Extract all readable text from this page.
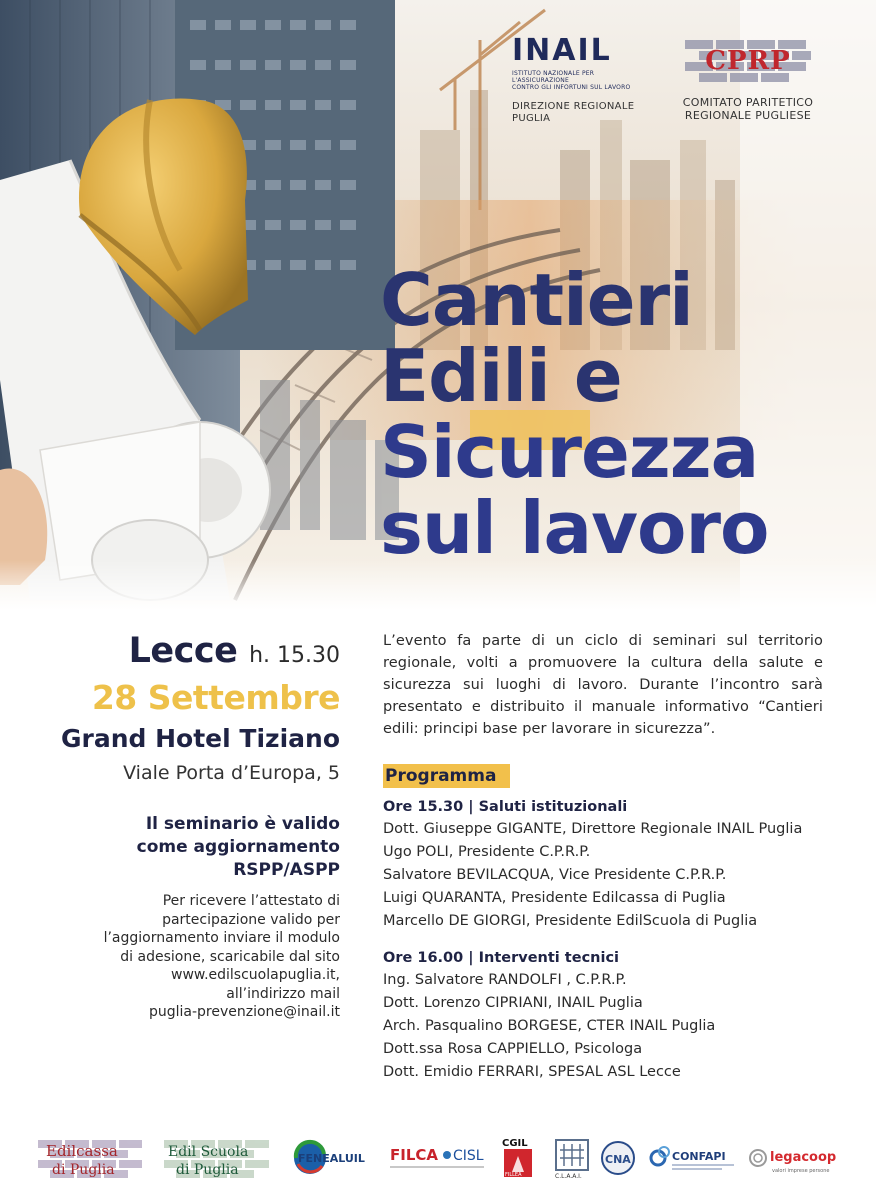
INAIL
ISTITUTO NAZIONALE PER L'ASSICURAZIONE
CONTRO GLI INFORTUNI SUL LAVORO
DIREZIONE REGIONALE
PUGLIA
CPRP
COMITATO PARITETICO
REGIONALE PUGLIESE
Cantieri
Edili e
Sicurezza
sul lavoro
Lecce h. 15.30
28 Settembre
Grand Hotel Tiziano
Viale Porta d’Europa, 5
Il seminario è valido
come aggiornamento
RSPP/ASPP
Per ricevere l’attestato di
partecipazione valido per
l’aggiornamento inviare il modulo
di adesione, scaricabile dal sito
www.edilscuolapuglia.it,
all’indirizzo mail
puglia-prevenzione@inail.it
L’evento fa parte di un ciclo di seminari sul territorio regionale, volti a promuovere la cultura della salute e sicurezza sui luoghi di lavoro. Durante l’incontro sarà presentato e distribuito il manuale informativo “Cantieri edili: principi base per lavorare in sicurezza”.
Programma
Ore 15.30 | Saluti istituzionali
Dott. Giuseppe GIGANTE, Direttore Regionale INAIL Puglia
Ugo POLI, Presidente C.P.R.P.
Salvatore BEVILACQUA, Vice Presidente C.P.R.P.
Luigi QUARANTA, Presidente Edilcassa di Puglia
Marcello DE GIORGI, Presidente EdilScuola di Puglia
Ore 16.00 | Interventi tecnici
Ing. Salvatore RANDOLFI , C.P.R.P.
Dott. Lorenzo CIPRIANI, INAIL Puglia
Arch. Pasqualino BORGESE, CTER INAIL Puglia
Dott.ssa Rosa CAPPIELLO, Psicologa
Dott. Emidio FERRARI, SPESAL ASL Lecce
Edilcassa
di Puglia
Edil Scuola
di Puglia
FENEALUIL FILCA CISL
CGIL
FILLEA	C.L.A.A.I.
CNA	CONFAPI	legacoop
valori imprese persone
